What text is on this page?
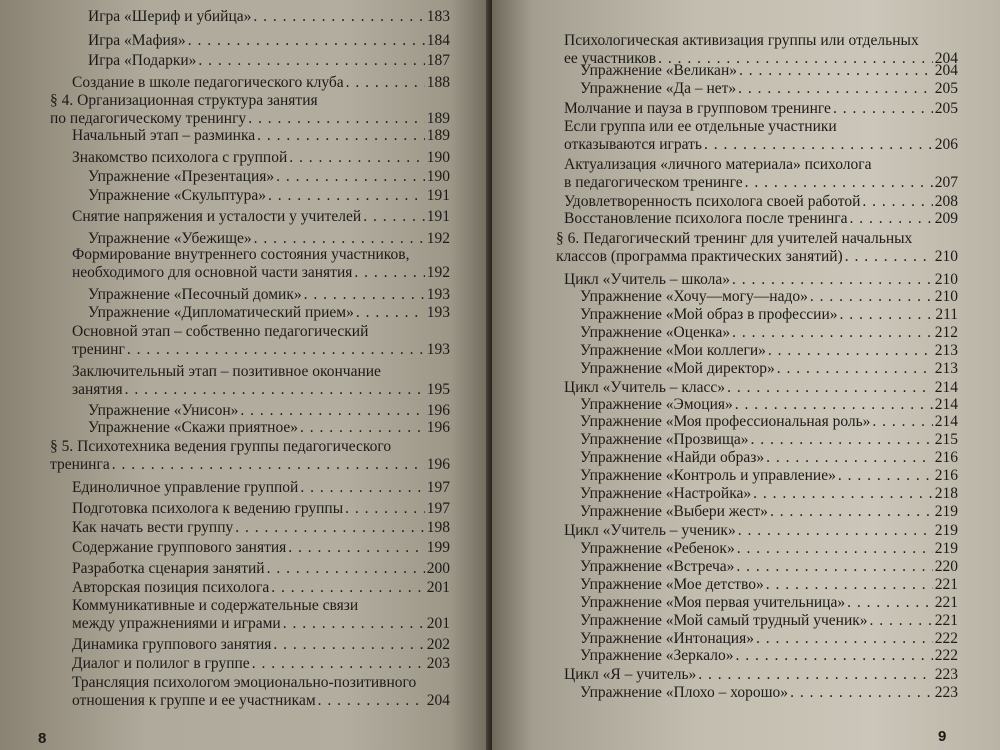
Игра «Шериф и убийца» . . .	183
Игра «Мафия» . . .	184
Игра «Подарки» . . .	187
Создание в школе педагогического клуба . . .	188
§ 4. Организационная структура занятия
по педагогическому тренингу . . .	189
Начальный этап – разминка . . .	189
Знакомство психолога с группой . . .	190
Упражнение «Презентация» . . .	190
Упражнение «Скульптура» . . .	191
Снятие напряжения и усталости у учителей . . .	191
Упражнение «Убежище» . . .	192
Формирование внутреннего состояния участников,
необходимого для основной части занятия . . .	192
Упражнение «Песочный домик» . . .	193
Упражнение «Дипломатический прием» . . .	193
Основной этап – собственно педагогический
тренинг . . .	193
Заключительный этап – позитивное окончание
занятия . . .	195
Упражнение «Унисон» . . .	196
Упражнение «Скажи приятное» . . .	196
§ 5. Психотехника ведения группы педагогического
тренинга . . .	196
Единоличное управление группой . . .	197
Подготовка психолога к ведению группы . . .	197
Как начать вести группу . . .	198
Содержание группового занятия . . .	199
Разработка сценария занятий . . .	200
Авторская позиция психолога . . .	201
Коммуникативные и содержательные связи
между упражнениями и играми . . .	201
Динамика группового занятия . . .	202
Диалог и полилог в группе . . .	203
Трансляция психологом эмоционально-позитивного
отношения к группе и ее участникам . . .	204
8
Психологическая активизация группы или отдельных
ее участников . . .	204
Упражнение «Великан» . . .	204
Упражнение «Да – нет» . . .	205
Молчание и пауза в групповом тренинге . . .	205
Если группа или ее отдельные участники
отказываются играть . . .	206
Актуализация «личного материала» психолога
в педагогическом тренинге . . .	207
Удовлетворенность психолога своей работой . . .	208
Восстановление психолога после тренинга . . .	209
§ 6. Педагогический тренинг для учителей начальных
классов (программа практических занятий) . . .	210
Цикл «Учитель – школа» . . .	210
Упражнение «Хочу—могу—надо» . . .	210
Упражнение «Мой образ в профессии» . . .	211
Упражнение «Оценка» . . .	212
Упражнение «Мои коллеги» . . .	213
Упражнение «Мой директор» . . .	213
Цикл «Учитель – класс» . . .	214
Упражнение «Эмоция» . . .	214
Упражнение «Моя профессиональная роль» . . .	214
Упражнение «Прозвища» . . .	215
Упражнение «Найди образ» . . .	216
Упражнение «Контроль и управление» . . .	216
Упражнение «Настройка» . . .	218
Упражнение «Выбери жест» . . .	219
Цикл «Учитель – ученик» . . .	219
Упражнение «Ребенок» . . .	219
Упражнение «Встреча» . . .	220
Упражнение «Мое детство» . . .	221
Упражнение «Моя первая учительница» . . .	221
Упражнение «Мой самый трудный ученик» . . .	221
Упражнение «Интонация» . . .	222
Упражнение «Зеркало» . . .	222
Цикл «Я – учитель» . . .	223
Упражнение «Плохо – хорошо» . . .	223
9
